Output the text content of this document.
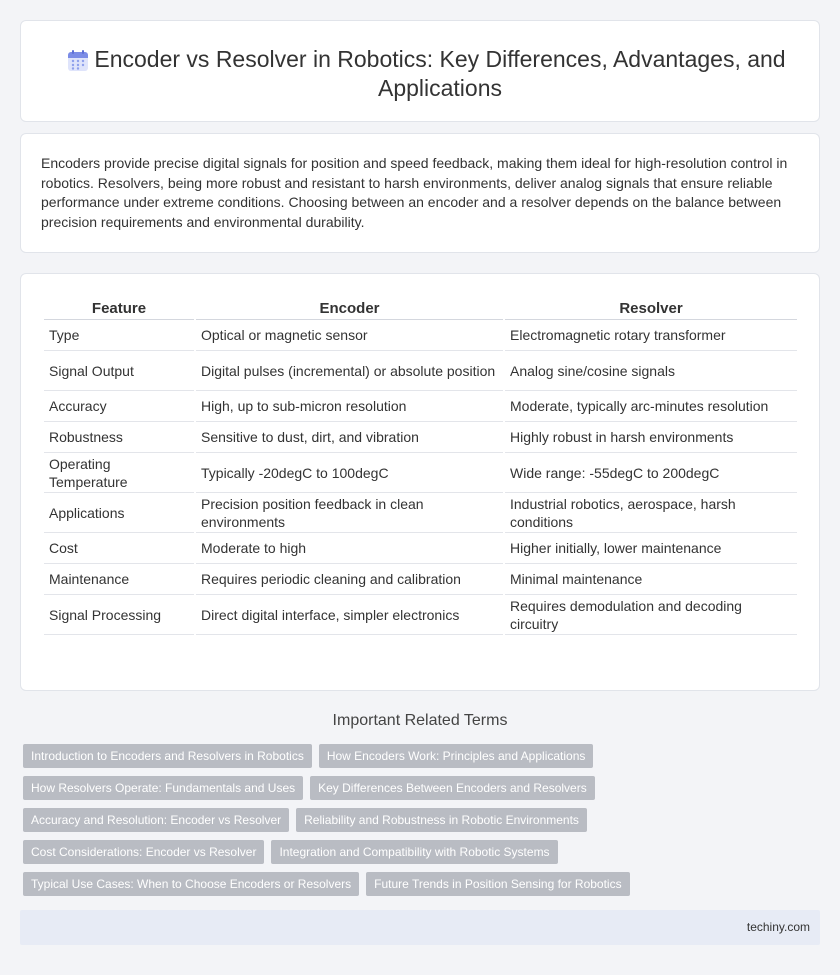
Encoder vs Resolver in Robotics: Key Differences, Advantages, and Applications

Encoders provide precise digital signals for position and speed feedback, making them ideal for high-resolution control in robotics. Resolvers, being more robust and resistant to harsh environments, deliver analog signals that ensure reliable performance under extreme conditions. Choosing between an encoder and a resolver depends on the balance between precision requirements and environmental durability.

Feature	Encoder	Resolver
Type	Optical or magnetic sensor	Electromagnetic rotary transformer
Signal Output	Digital pulses (incremental) or absolute position	Analog sine/cosine signals
Accuracy	High, up to sub-micron resolution	Moderate, typically arc-minutes resolution
Robustness	Sensitive to dust, dirt, and vibration	Highly robust in harsh environments
Operating Temperature	Typically -20degC to 100degC	Wide range: -55degC to 200degC
Applications	Precision position feedback in clean environments	Industrial robotics, aerospace, harsh conditions
Cost	Moderate to high	Higher initially, lower maintenance
Maintenance	Requires periodic cleaning and calibration	Minimal maintenance
Signal Processing	Direct digital interface, simpler electronics	Requires demodulation and decoding circuitry
Important Related Terms
Introduction to Encoders and Resolvers in Robotics	How Encoders Work: Principles and Applications
How Resolvers Operate: Fundamentals and Uses	Key Differences Between Encoders and Resolvers
Accuracy and Resolution: Encoder vs Resolver	Reliability and Robustness in Robotic Environments
Cost Considerations: Encoder vs Resolver	Integration and Compatibility with Robotic Systems
Typical Use Cases: When to Choose Encoders or Resolvers	Future Trends in Position Sensing for Robotics
techiny.com
